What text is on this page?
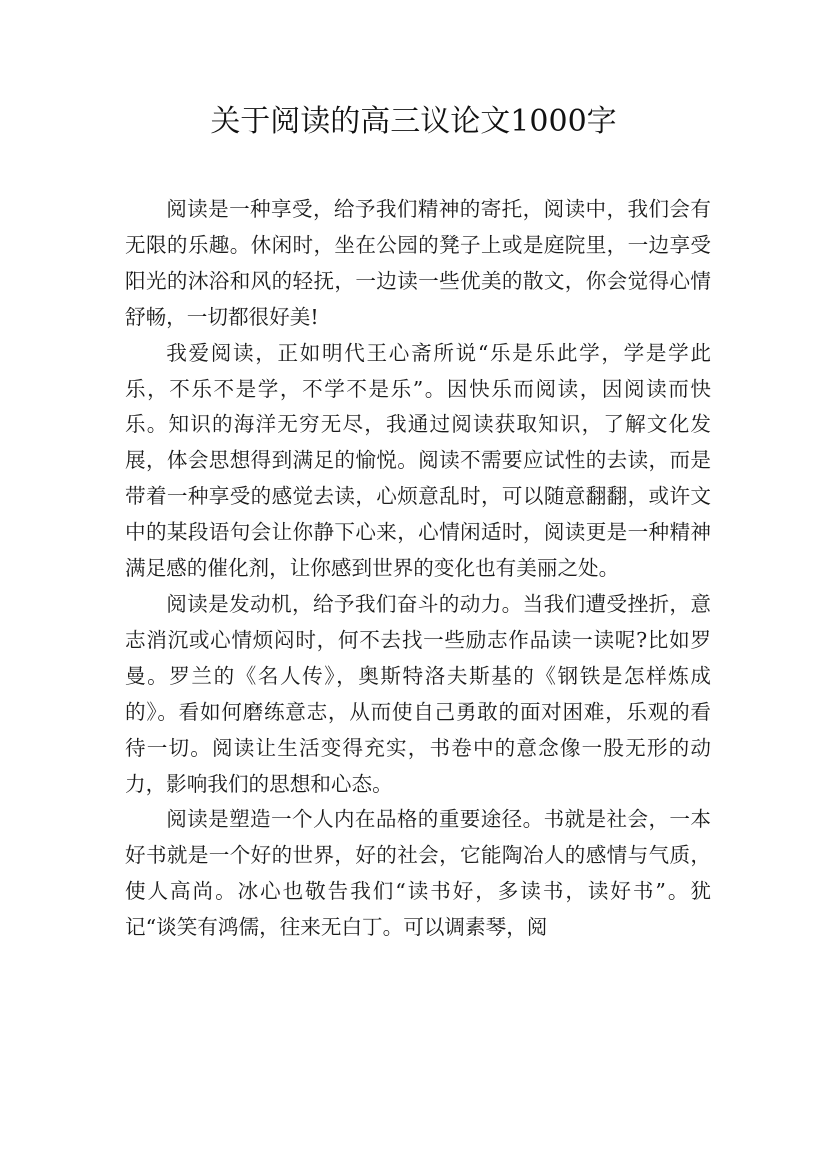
关于阅读的高三议论文1000字

阅读是一种享受，给予我们精神的寄托，阅读中，我们会有无限的乐趣。休闲时，坐在公园的凳子上或是庭院里，一边享受阳光的沐浴和风的轻抚，一边读一些优美的散文，你会觉得心情舒畅，一切都很好美!

我爱阅读，正如明代王心斋所说“乐是乐此学，学是学此乐，不乐不是学，不学不是乐”。因快乐而阅读，因阅读而快乐。知识的海洋无穷无尽，我通过阅读获取知识，了解文化发展，体会思想得到满足的愉悦。阅读不需要应试性的去读，而是带着一种享受的感觉去读，心烦意乱时，可以随意翻翻，或许文中的某段语句会让你静下心来，心情闲适时，阅读更是一种精神满足感的催化剂，让你感到世界的变化也有美丽之处。

阅读是发动机，给予我们奋斗的动力。当我们遭受挫折，意志消沉或心情烦闷时，何不去找一些励志作品读一读呢?比如罗曼。罗兰的《名人传》，奥斯特洛夫斯基的《钢铁是怎样炼成的》。看如何磨练意志，从而使自己勇敢的面对困难，乐观的看待一切。阅读让生活变得充实，书卷中的意念像一股无形的动力，影响我们的思想和心态。

阅读是塑造一个人内在品格的重要途径。书就是社会，一本好书就是一个好的世界，好的社会，它能陶冶人的感情与气质，使人高尚。冰心也敬告我们“读书好，多读书，读好书”。犹记“谈笑有鸿儒，往来无白丁。可以调素琴，阅
